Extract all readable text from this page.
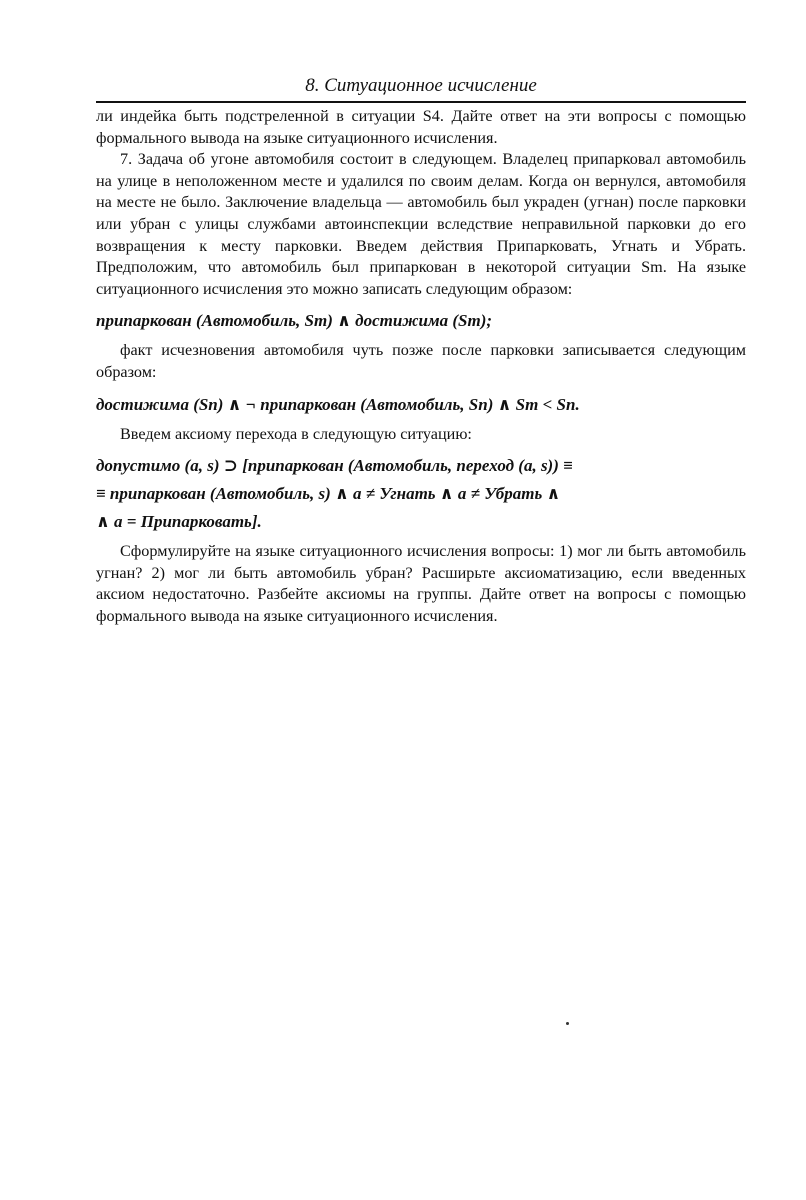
8. Ситуационное исчисление

ли индейка быть подстреленной в ситуации S4. Дайте ответ на эти вопросы с помощью формального вывода на языке ситуационного исчисления.

7. Задача об угоне автомобиля состоит в следующем. Владелец припарковал автомобиль на улице в неположенном месте и удалился по своим делам. Когда он вернулся, автомобиля на месте не было. Заключение владельца — автомобиль был украден (угнан) после парковки или убран с улицы службами автоинспекции вследствие неправильной парковки до его возвращения к месту парковки. Введем действия Припарковать, Угнать и Убрать. Предположим, что автомобиль был припаркован в некоторой ситуации Sm. На языке ситуационного исчисления это можно записать следующим образом:

припаркован (Автомобиль, Sm) ∧ достижима (Sm);

факт исчезновения автомобиля чуть позже после парковки записывается следующим образом:

достижима (Sn) ∧ ¬ припаркован (Автомобиль, Sn) ∧ Sm < Sn.

Введем аксиому перехода в следующую ситуацию:

допустимо (a, s) ⊃ [припаркован (Автомобиль, переход (a, s)) ≡

≡ припаркован (Автомобиль, s) ∧ a ≠ Угнать ∧ a ≠ Убрать ∧

∧ a = Припарковать].

Сформулируйте на языке ситуационного исчисления вопросы: 1) мог ли быть автомобиль угнан? 2) мог ли быть автомобиль убран? Расширьте аксиоматизацию, если введенных аксиом недостаточно. Разбейте аксиомы на группы. Дайте ответ на вопросы с помощью формального вывода на языке ситуационного исчисления.
